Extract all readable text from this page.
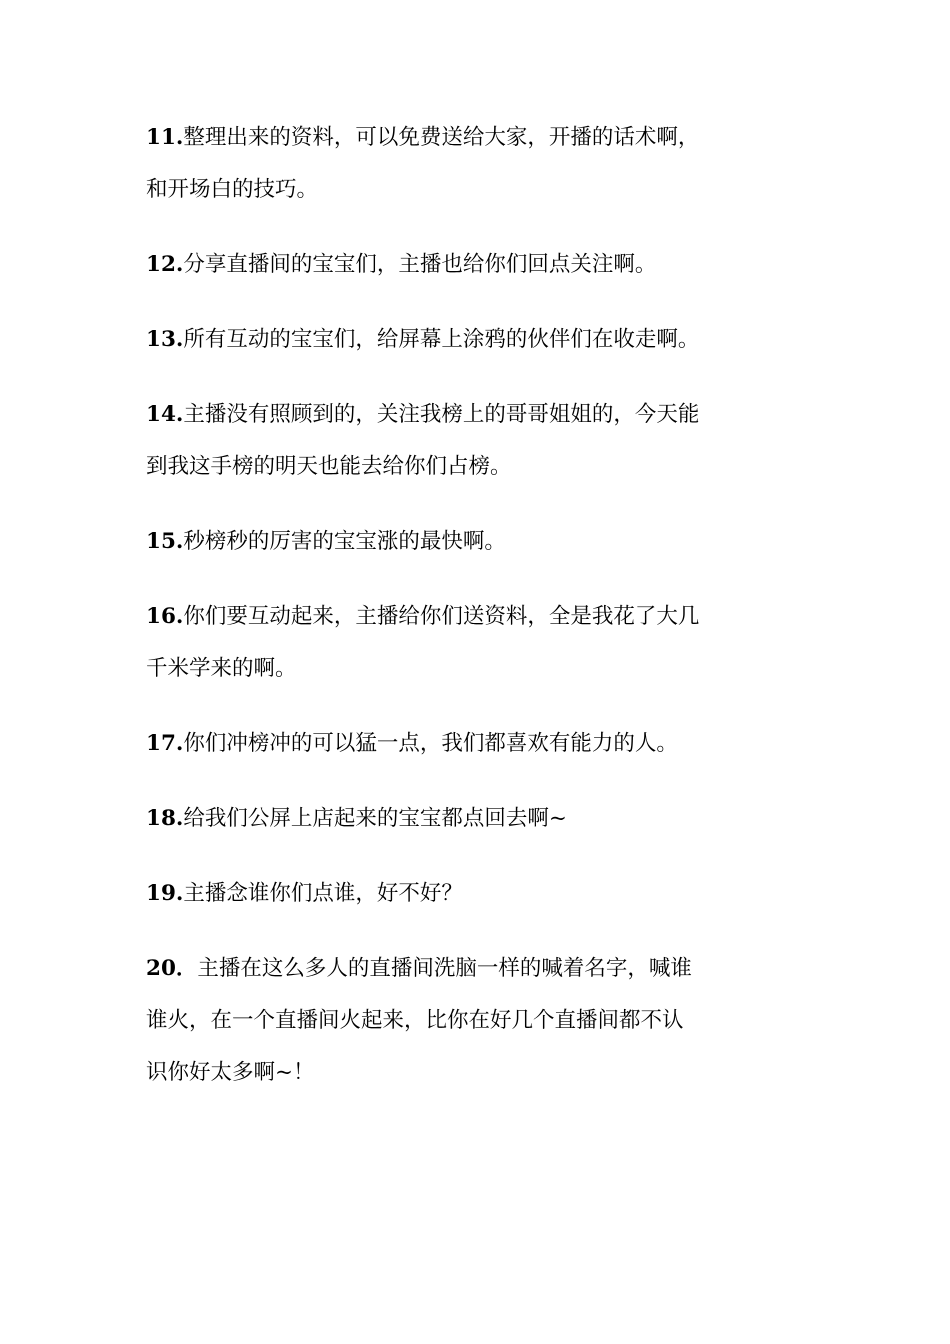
11.整理出来的资料，可以免费送给大家，开播的话术啊，
和开场白的技巧。
12.分享直播间的宝宝们，主播也给你们回点关注啊。
13.所有互动的宝宝们，给屏幕上涂鸦的伙伴们在收走啊。
14.主播没有照顾到的，关注我榜上的哥哥姐姐的，今天能
到我这手榜的明天也能去给你们占榜。
15.秒榜秒的厉害的宝宝涨的最快啊。
16.你们要互动起来，主播给你们送资料，全是我花了大几
千米学来的啊。
17.你们冲榜冲的可以猛一点，我们都喜欢有能力的人。
18.给我们公屏上店起来的宝宝都点回去啊~
19.主播念谁你们点谁，好不好？
20．主播在这么多人的直播间洗脑一样的喊着名字，喊谁
谁火，在一个直播间火起来，比你在好几个直播间都不认
识你好太多啊~！
